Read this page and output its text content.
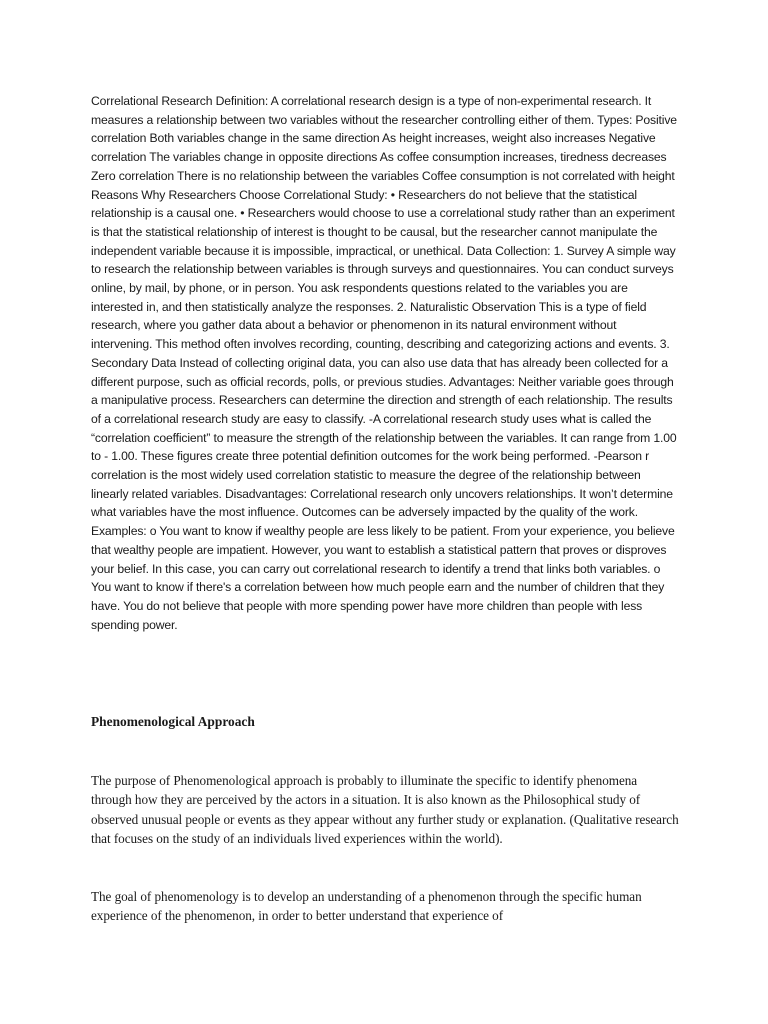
Correlational Research Definition: A correlational research design is a type of non-experimental research. It measures a relationship between two variables without the researcher controlling either of them. Types: Positive correlation Both variables change in the same direction As height increases, weight also increases Negative correlation The variables change in opposite directions As coffee consumption increases, tiredness decreases Zero correlation There is no relationship between the variables Coffee consumption is not correlated with height Reasons Why Researchers Choose Correlational Study: • Researchers do not believe that the statistical relationship is a causal one. • Researchers would choose to use a correlational study rather than an experiment is that the statistical relationship of interest is thought to be causal, but the researcher cannot manipulate the independent variable because it is impossible, impractical, or unethical. Data Collection: 1. Survey A simple way to research the relationship between variables is through surveys and questionnaires. You can conduct surveys online, by mail, by phone, or in person. You ask respondents questions related to the variables you are interested in, and then statistically analyze the responses. 2. Naturalistic Observation This is a type of field research, where you gather data about a behavior or phenomenon in its natural environment without intervening. This method often involves recording, counting, describing and categorizing actions and events. 3. Secondary Data Instead of collecting original data, you can also use data that has already been collected for a different purpose, such as official records, polls, or previous studies. Advantages: Neither variable goes through a manipulative process. Researchers can determine the direction and strength of each relationship. The results of a correlational research study are easy to classify. -A correlational research study uses what is called the “correlation coefficient” to measure the strength of the relationship between the variables. It can range from 1.00 to - 1.00. These figures create three potential definition outcomes for the work being performed. -Pearson r correlation is the most widely used correlation statistic to measure the degree of the relationship between linearly related variables. Disadvantages: Correlational research only uncovers relationships. It won’t determine what variables have the most influence. Outcomes can be adversely impacted by the quality of the work. Examples: o You want to know if wealthy people are less likely to be patient. From your experience, you believe that wealthy people are impatient. However, you want to establish a statistical pattern that proves or disproves your belief. In this case, you can carry out correlational research to identify a trend that links both variables. o You want to know if there's a correlation between how much people earn and the number of children that they have. You do not believe that people with more spending power have more children than people with less spending power.

Phenomenological Approach

The purpose of Phenomenological approach is probably to illuminate the specific to identify phenomena through how they are perceived by the actors in a situation. It is also known as the Philosophical study of observed unusual people or events as they appear without any further study or explanation. (Qualitative research that focuses on the study of an individuals lived experiences within the world).

The goal of phenomenology is to develop an understanding of a phenomenon through the specific human experience of the phenomenon, in order to better understand that experience of
